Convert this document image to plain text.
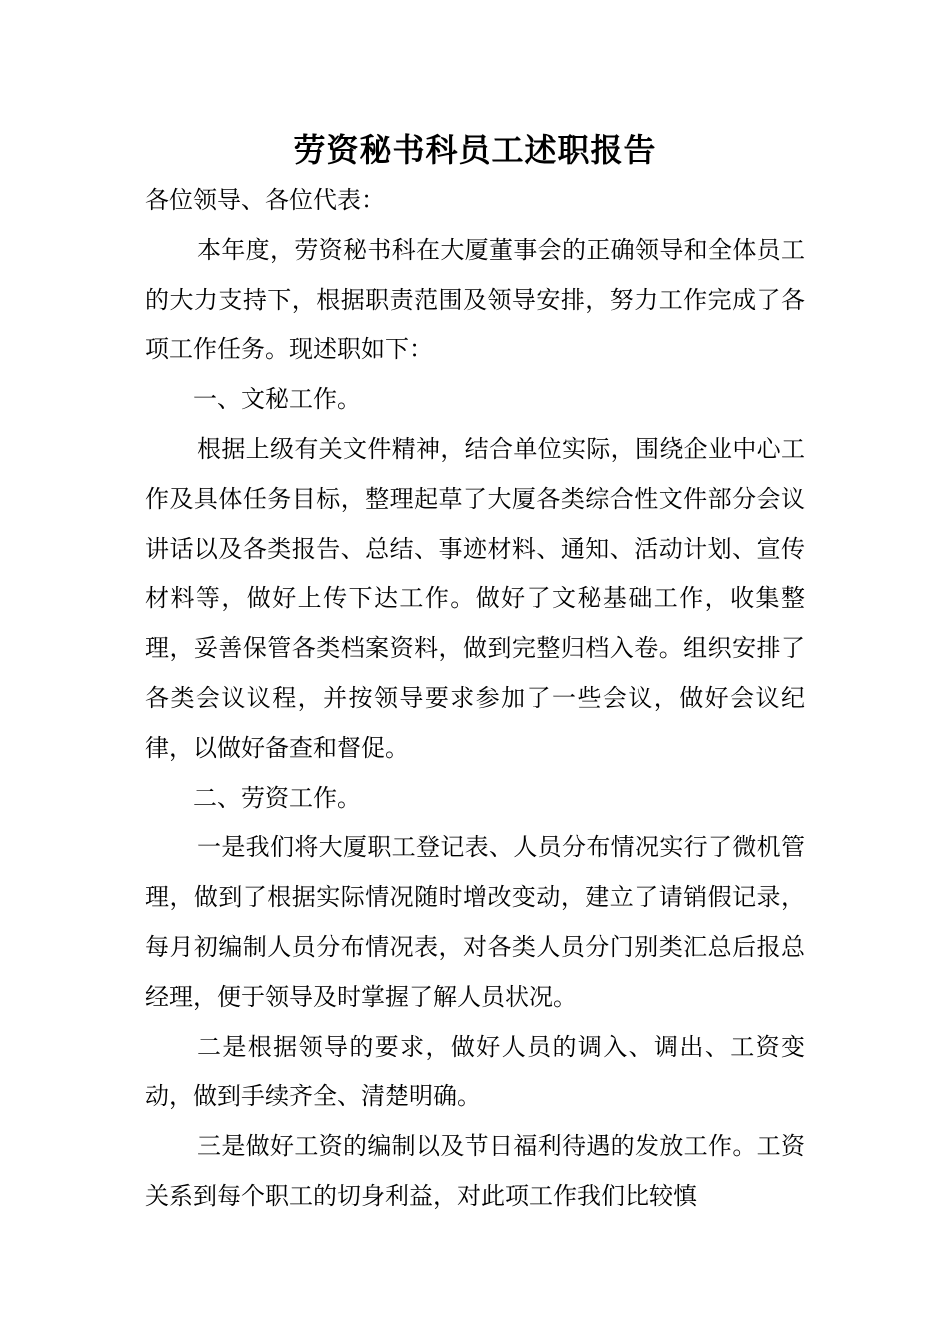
劳资秘书科员工述职报告

各位领导、各位代表：

本年度，劳资秘书科在大厦董事会的正确领导和全体员工的大力支持下，根据职责范围及领导安排，努力工作完成了各项工作任务。现述职如下：

一、文秘工作。

根据上级有关文件精神，结合单位实际，围绕企业中心工作及具体任务目标，整理起草了大厦各类综合性文件部分会议讲话以及各类报告、总结、事迹材料、通知、活动计划、宣传材料等，做好上传下达工作。做好了文秘基础工作，收集整理，妥善保管各类档案资料，做到完整归档入卷。组织安排了各类会议议程，并按领导要求参加了一些会议，做好会议纪律，以做好备查和督促。

二、劳资工作。

一是我们将大厦职工登记表、人员分布情况实行了微机管理，做到了根据实际情况随时增改变动，建立了请销假记录，每月初编制人员分布情况表，对各类人员分门别类汇总后报总经理，便于领导及时掌握了解人员状况。

二是根据领导的要求，做好人员的调入、调出、工资变动，做到手续齐全、清楚明确。

三是做好工资的编制以及节日福利待遇的发放工作。工资关系到每个职工的切身利益，对此项工作我们比较慎
